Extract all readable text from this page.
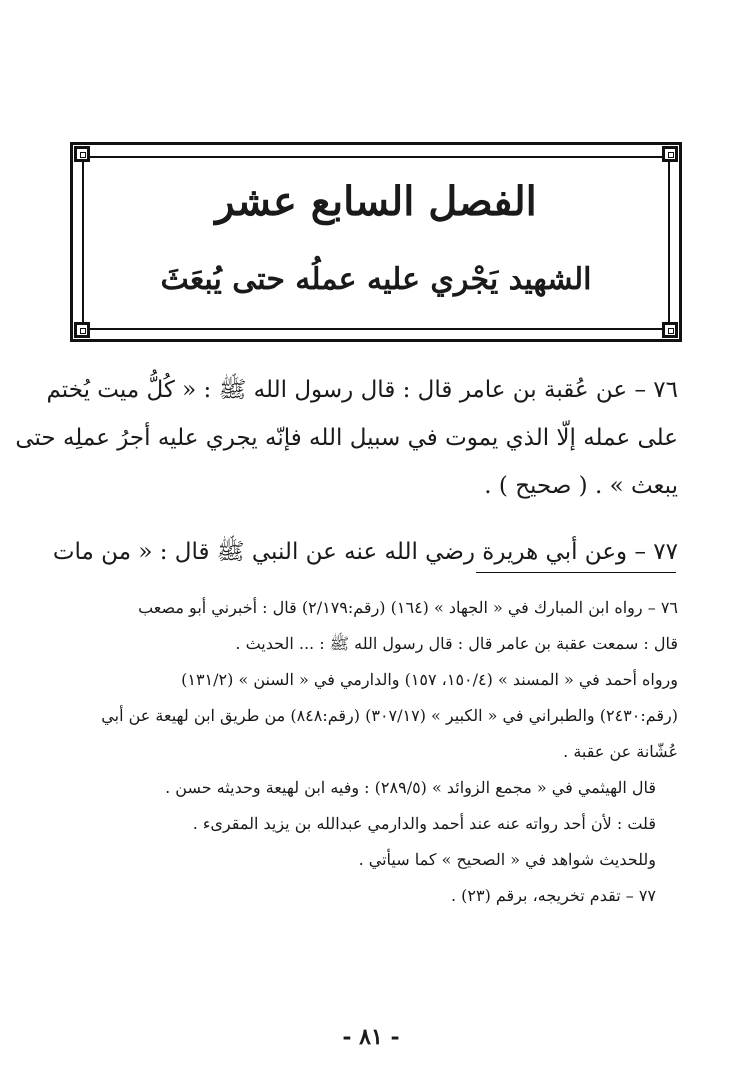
الفصل السابع عشر
الشهيد يَجْري عليه عملُه حتى يُبعَثَ
٧٦ – عن عُقبة بن عامر قال : قال رسول الله ﷺ : « كُلُّ ميت يُختم
على عمله إلّا الذي يموت في سبيل الله فإنّه يجري عليه أجرُ عملِه حتى
يبعث » . ( صحيح ) .
٧٧ – وعن أبي هريرة رضي الله عنه عن النبي ﷺ قال : « من مات
٧٦ – رواه ابن المبارك في « الجهاد » (١٦٤) (رقم:٢/١٧٩) قال : أخبرني أبو مصعب
قال : سمعت عقبة بن عامر قال : قال رسول الله ﷺ : ... الحديث .
ورواه أحمد في « المسند » (١٥٠/٤، ١٥٧) والدارمي في « السنن » (١٣١/٢)
(رقم:٢٤٣٠) والطبراني في « الكبير » (٣٠٧/١٧) (رقم:٨٤٨) من طريق ابن لهيعة عن أبي
عُشّانة عن عقبة .
قال الهيثمي في « مجمع الزوائد » (٢٨٩/٥) : وفيه ابن لهيعة وحديثه حسن .
قلت : لأن أحد رواته عنه عند أحمد والدارمي عبدالله بن يزيد المقرىء .
وللحديث شواهد في « الصحيح » كما سيأتي .
٧٧ – تقدم تخريجه، برقم (٢٣) .
- ٨١ -
